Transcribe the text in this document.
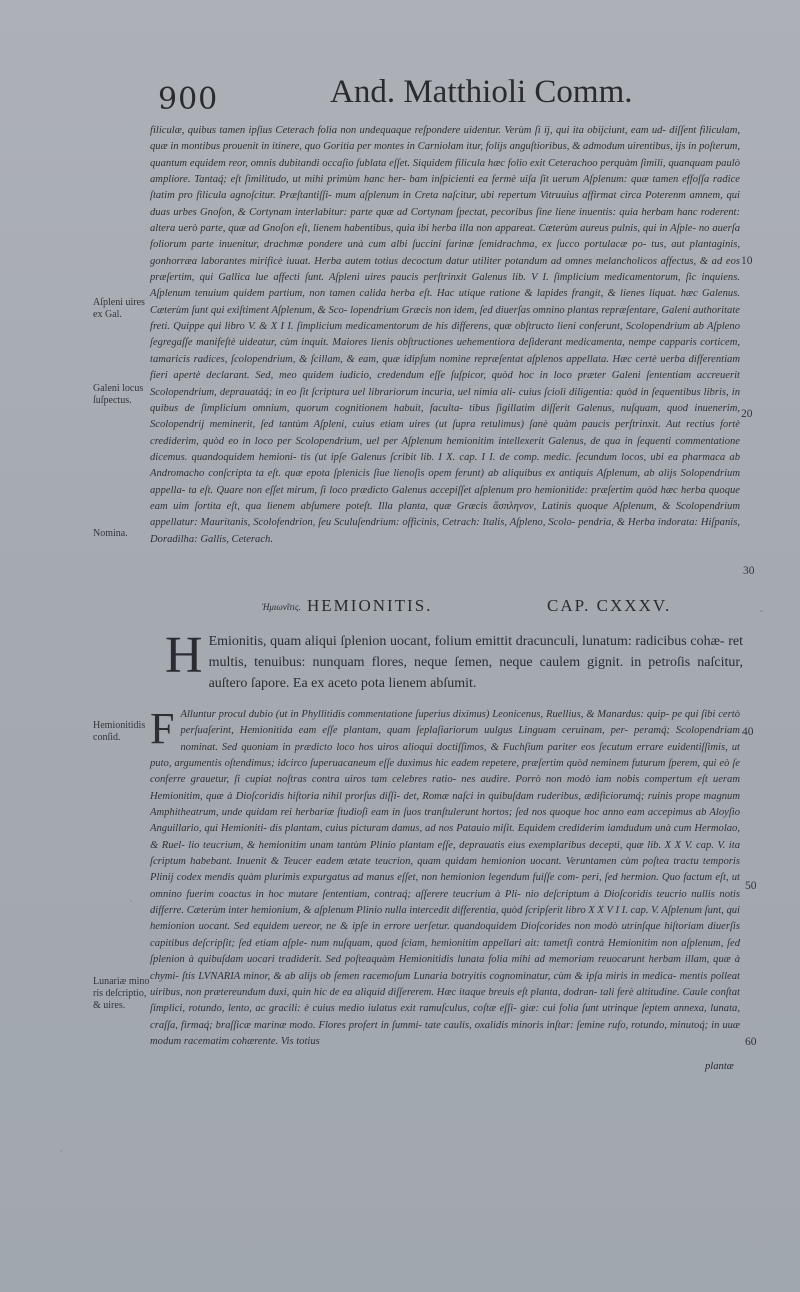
900	And. Matthioli Comm.

filiculæ, quibus tamen ipſius Ceterach folia non undequaque reſpondere uidentur. Verùm ſi ij, qui ita obijciunt, eam ud- diſſent filiculam, quæ in montibus prouenit in itinere, quo Goritia per montes in Carniolam itur, folijs anguſtioribus, & admodum uirentibus, ijs in poſterum, quantum equidem reor, omnis dubitandi occaſio ſublata eſſet. Siquidem filicula hæc folio exit Ceterachoo perquàm ſimili, quanquam paulò ampliore. Tantaq́; eſt ſimilitudo, ut mihi primùm hanc her- bam inſpicienti ea fermè uiſa ſit uerum Aſplenum: quæ tamen effoſſa radice ſtatim pro filicula agnoſcitur. Præſtantiſſi- mum aſplenum in Creta naſcitur, ubi repertum Vitruuius affirmat circa Poterenm amnem, qui duas urbes Gnoſon, & Cortynam interlabitur: parte quæ ad Cortynam ſpectat, pecoribus ſine liene inuentis: quia herbam hanc roderent: altera uerò parte, quæ ad Gnoſon eſt, lienem habentibus, quia ibi herba illa non appareat. Cæterùm aureus pulnis, qui in Aſple- no auerſa foliorum parte inuenitur, drachmæ pondere unà cum albi ſuccini farinæ ſemidrachma, ex ſucco portulacæ po- tus, aut plantaginis, gonhorræa laborantes mirificè iuuat. Herba autem totius decoctum datur utiliter potandum ad omnes melancholicos affectus, & ad eos præſertim, qui Gallica lue affecti ſunt. Aſpleni uires paucis perſtrinxit Galenus lib. V I. ſimplicium medicamentorum, ſic inquiens. Aſplenum tenuium quidem partium, non tamen calida herba eſt. Hac utique ratione & lapides frangit, & lienes liquat. hæc Galenus. Cæterùm ſunt qui exiſtiment Aſplenum, & Sco- lopendrium Græcis non idem, ſed diuerſas omnino plantas repræſentare, Galeni authoritate freti. Quippe qui libro V. & X I I. ſimplicium medicamentorum de his differens, quæ obſtructo lieni conferunt, Scolopendrium ab Aſpleno ſegregaſſe manifeſtè uideatur, cùm inquit. Maiores lienis obſtructiones uehementiora deſiderant medicamenta, nempe capparis corticem, tamaricis radices, ſcolopendrium, & ſcillam, & eam, quæ idipſum nomine repræſentat aſplenos appellata. Hæc certè uerba differentiam fieri apertè declarant. Sed, meo quidem iudicio, credendum eſſe ſuſpicor, quòd hoc in loco præter Galeni ſententiam accreuerit Scolopendrium, deprauatáq́; in eo ſit ſcriptura uel librariorum incuria, uel nimia ali- cuius ſcioli diligentia: quòd in ſequentibus libris, in quibus de ſimplicium omnium, quorum cognitionem habuit, faculta- tibus ſigillatim diſſerit Galenus, nuſquam, quod inuenerim, Scolopendrij meminerit, ſed tantùm Aſpleni, cuius etiam uires (ut ſupra retulimus) ſanè quàm paucis perſtrinxit. Aut rectius fortè crediderim, quòd eo in loco per Scolopendrium, uel per Aſplenum hemionitim intellexerit Galenus, de qua in ſequenti commentatione dicemus. quandoquidem hemioni- tis (ut ipſe Galenus ſcribit lib. I X. cap. I I. de comp. medic. ſecundum locos, ubi ea pharmaca ab Andromacho conſcripta ta eſt. quæ epota ſplenicis ſiue lienoſis opem ferunt) ab aliquibus ex antiquis Aſplenum, ab alijs Solopendrium appella- ta eſt. Quare non eſſet mirum, ſi loco prædicto Galenus accepiſſet aſplenum pro hemionitide: præſertim quòd hæc herba quoque eam uim ſortita eſt, qua lienem abſumere poteſt. Illa planta, quæ Græcis ἄσπληνον, Latinis quoque Aſplenum, & Scolopendrium appellatur: Mauritanis, Scolofendrion, ſeu Sculuſendrium: officinis, Cetrach: Italis, Aſpleno, Scolo- pendria, & Herba indorata: Hiſpanis, Doradilha: Gallis, Ceterach.

Aſpleni uires ex Gal.
Galeni locus ſuſpectus.
Nomina.
Hemionitidis conſid.
Lunariæ mino ris deſcriptio, & uires.
10
20
30
40
50
60
Ἡμιωνῖτις. HEMIONITIS.	CAP. CXXXV.

H Emionitis, quam aliqui ſplenion uocant, folium emittit dracunculi, lunatum: radicibus cohæ- ret multis, tenuibus: nunquam flores, neque ſemen, neque caulem gignit. in petroſis naſcitur, auſtero ſapore. Ea ex aceto pota lienem abſumit.

F Alluntur procul dubio (ut in Phyllitidis commentatione ſuperius diximus) Leonicenus, Ruellius, & Manardus: quip- pe qui ſibi certò perſuaſerint, Hemionitida eam eſſe plantam, quam ſeplaſiariorum uulgus Linguam ceruinam, per- peramq́; Scolopendriam nominat. Sed quoniam in prædicto loco hos uiros alioqui doctiſſimos, & Fuchſium pariter eos ſecutum errare euidentiſſimis, ut puto, argumentis oſtendimus; idcirco ſuperuacaneum eſſe duximus hic eadem repetere, præſertim quòd neminem futurum ſperem, qui eò ſe conferre grauetur, ſi cupiat noſtras contra uiros tam celebres ratio- nes audire. Porrò non modò iam nobis compertum eſt ueram Hemionitim, quæ à Dioſcoridis hiſtoria nihil prorſus diſſi- det, Romæ naſci in quibuſdam ruderibus, ædificiorumq́; ruinis prope magnum Amphitheatrum, unde quidam rei herbariæ ſtudioſi eam in ſuos tranſtulerunt hortos; ſed nos quoque hoc anno eam accepimus ab Aloyſio Anguillario, qui Hemioniti- dis plantam, cuius picturam damus, ad nos Patauio miſit. Equidem crediderim iamdudum unà cum Hermolao, & Ruel- lio teucrium, & hemionitim unam tantùm Plinio plantam eſſe, deprauatis eius exemplaribus decepti, quæ lib. X X V. cap. V. ita ſcriptum habebant. Inuenit & Teucer eadem ætate teucrion, quam quidam hemionion uocant. Veruntamen cùm poſtea tractu temporis Plinij codex mendis quàm plurimis expurgatus ad manus eſſet, non hemionion legendum fuiſſe com- peri, ſed hermion. Quo factum eſt, ut omnino fuerim coactus in hoc mutare ſententiam, contraq́; aſſerere teucrium à Pli- nio deſcriptum à Dioſcoridis teucrio nullis notis differre. Cæterùm inter hemionium, & aſplenum Plinio nulla intercedit differentia, quòd ſcripſerit libro X X V I I. cap. V. Aſplenum ſunt, qui hemionion uocant. Sed equidem uereor, ne & ipſe in errore uerſetur. quandoquidem Dioſcorides non modò utrinſque hiſtoriam diuerſis capitibus deſcripſit; ſed etiam aſple- num nuſquam, quod ſciam, hemionitim appellari ait: tametſi contrà Hemionitim non aſplenum, ſed ſplenion à quibuſdam uocari tradiderit. Sed poſteaquàm Hemionitidis lunata folia mihi ad memoriam reuocarunt herbam illam, quæ à chymi- ſtis LVNARIA minor, & ab alijs ob ſemen racemoſum Lunaria botryitis cognominatur, cùm & ipſa miris in medica- mentis polleat uiribus, non prætereundum duxi, quin hic de ea aliquid diſſererem. Hæc itaque breuis eſt planta, dodran- tali ferè altitudine. Caule conſtat ſimplici, rotundo, lento, ac gracili: è cuius medio iulatus exit ramuſculus, coſtæ eſſi- giæ: cui folia ſunt utrinque ſeptem annexa, lunata, craſſa, firmaq́; braſſicæ marinæ modo. Flores profert in ſummi- tate caulis, oxalidis minoris inſtar: ſemine rufo, rotundo, minutoq́; in uuæ modum racematim cohærente. Vis totius

plantæ
